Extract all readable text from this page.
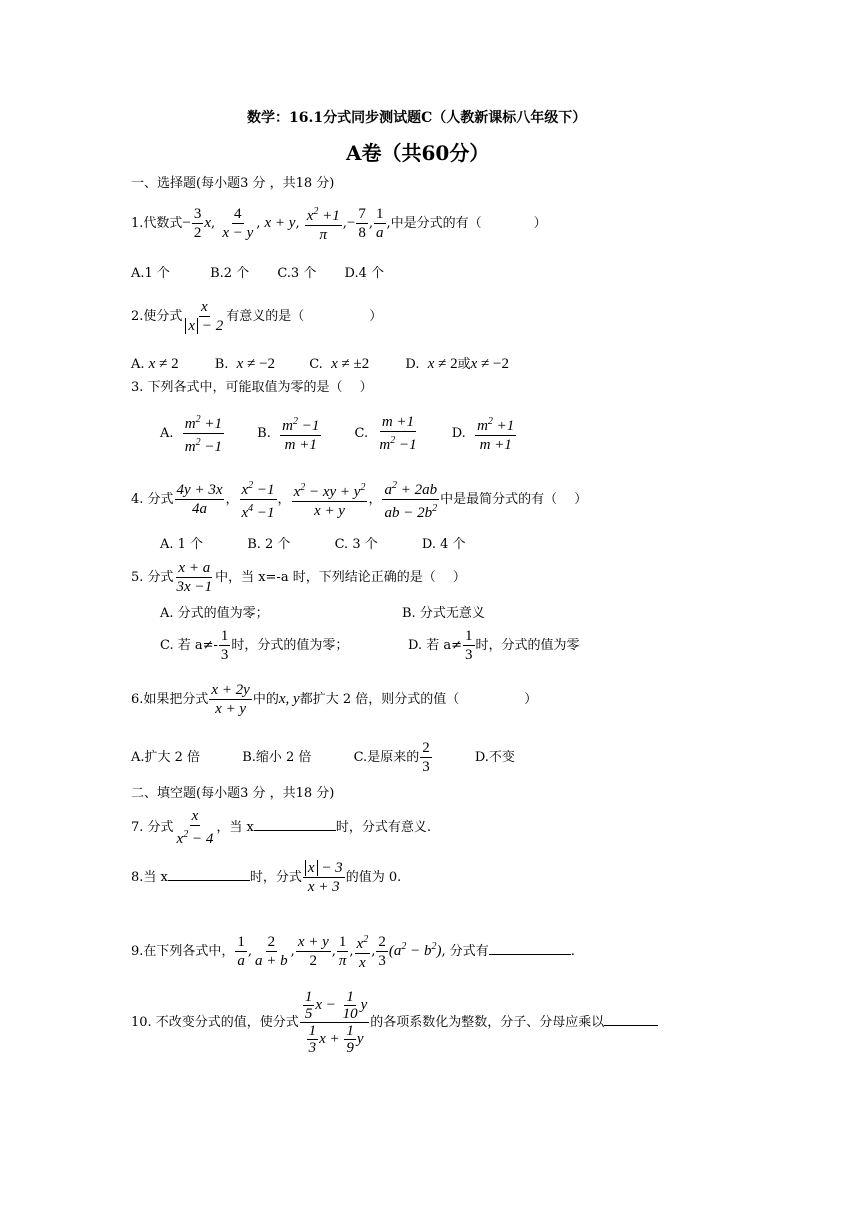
数学：16.1分式同步测试题C（人教新课标八年级下）
A卷（共60分）
一、选择题(每小题3 分 ，共18 分)
1.代数式− $\frac{3}{2} x$, $\frac{4}{x - y}$ , x + y, $\frac{x^2 +1}{\pi}$ ,− $\frac{7}{8}$ , $\frac{1}{a}$ ,中是分式的有（　　　　）
A.1 个	B.2 个 C.3 个 D.4 个
2.使分式 $\frac{x}{x - 2}$ 有意义的是（　　　　　）
A. x ≠ 2	B. x ≠ −2	C. x ≠ ±2	D. x ≠ 2或x ≠ −2
3. 下列各式中，可能取值为零的是（　 ）
A. $\frac{m^2 +1}{m^2 -1}$	B. $\frac{m^2 -1}{m +1}$	C. $\frac{m +1}{m^2 -1}$	D. $\frac{m^2 +1}{m +1}$
4. 分式 $\frac{4y + 3x}{4a}$ ， $\frac{x^2 -1}{x^4 -1}$ ， $\frac{x^2 - xy + y^2}{x + y}$ ， $\frac{a^2 + 2ab}{ab - 2b^2}$ 中是最简分式的有（　 ）
A. 1 个	B. 2 个	C. 3 个	D. 4 个
5. 分式 $\frac{x + a}{3x -1}$ 中，当 x=-a 时，下列结论正确的是（　 ）
A. 分式的值为零；	B. 分式无意义
C. 若 $a\ne- \frac{1}{3}$ 时，分式的值为零；	D. 若 $a\ne \frac{1}{3}$ 时，分式的值为零
6.如果把分式 $\frac{x + 2y}{x + y}$ 中的x, y都扩大 2 倍，则分式的值（　　　　　）
A.扩大 2 倍	B.缩小 2 倍	C.是原来的 $\frac{2}{3}$	D.不变
二、填空题(每小题3 分 ，共18 分)
7. 分式 $\frac{x}{x^2 - 4}$ ，当 x	时，分式有意义.
8.当 x	时，分式 $\frac{x - 3}{x + 3}$ 的值为 0.
9.在下列各式中， $\frac{1}{a}$ , $\frac{2}{a + b}$ , $\frac{x + y}{2}$ , $\frac{1}{\pi}$ , $\frac{x^2}{x}$ , $\frac{2}{3} (a^2 - b^2)$, 分式有	.
10. 不改变分式的值，使分式 $\frac{\frac{1}{5} x - \frac{1}{10} y}{\frac{1}{3} x + \frac{1}{9} y}$ 的各项系数化为整数，分子、分母应乘以
